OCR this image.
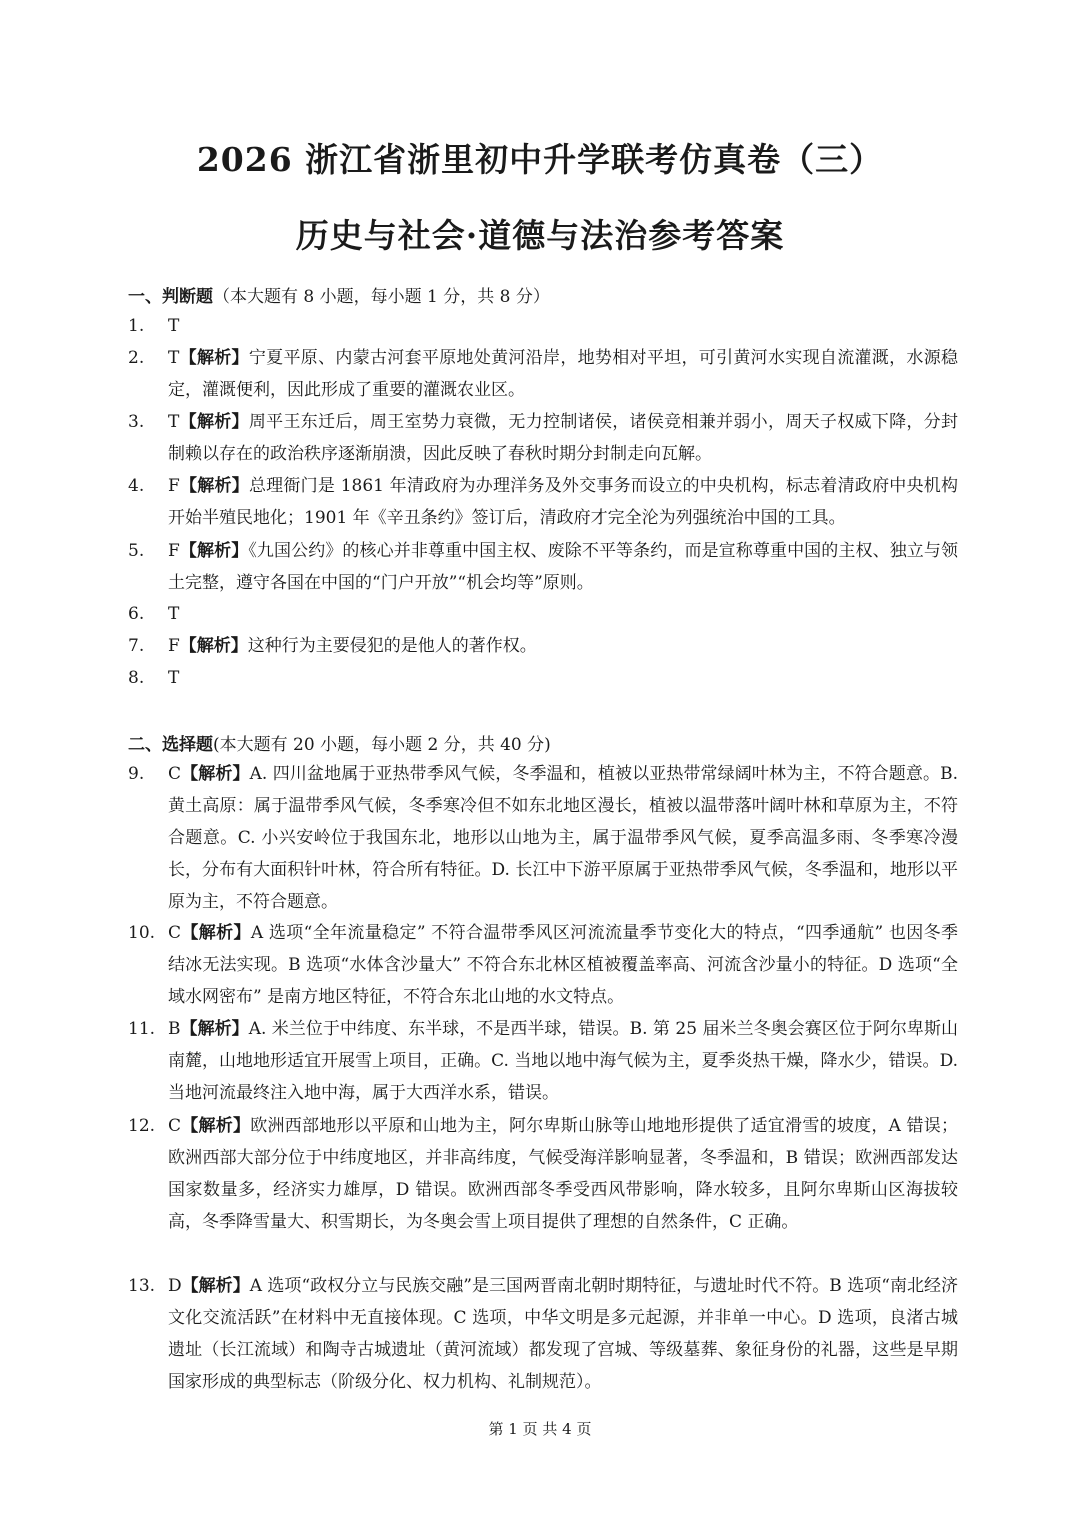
2026 浙江省浙里初中升学联考仿真卷（三）
历史与社会·道德与法治参考答案
一、判断题（本大题有 8 小题，每小题 1 分，共 8 分）
1. T
2. T【解析】宁夏平原、内蒙古河套平原地处黄河沿岸，地势相对平坦，可引黄河水实现自流灌溉，水源稳定，灌溉便利，因此形成了重要的灌溉农业区。
3. T【解析】周平王东迁后，周王室势力衰微，无力控制诸侯，诸侯竞相兼并弱小，周天子权威下降，分封制赖以存在的政治秩序逐渐崩溃，因此反映了春秋时期分封制走向瓦解。
4. F【解析】总理衙门是 1861 年清政府为办理洋务及外交事务而设立的中央机构，标志着清政府中央机构开始半殖民地化；1901 年《辛丑条约》签订后，清政府才完全沦为列强统治中国的工具。
5. F【解析】《九国公约》的核心并非尊重中国主权、废除不平等条约，而是宣称尊重中国的主权、独立与领土完整，遵守各国在中国的“门户开放”“机会均等”原则。
6. T
7. F【解析】这种行为主要侵犯的是他人的著作权。
8. T
二、选择题(本大题有 20 小题，每小题 2 分，共 40 分)
9. C【解析】A. 四川盆地属于亚热带季风气候，冬季温和，植被以亚热带常绿阔叶林为主，不符合题意。B. 黄土高原：属于温带季风气候，冬季寒冷但不如东北地区漫长，植被以温带落叶阔叶林和草原为主，不符合题意。C. 小兴安岭位于我国东北，地形以山地为主，属于温带季风气候，夏季高温多雨、冬季寒冷漫长，分布有大面积针叶林，符合所有特征。D. 长江中下游平原属于亚热带季风气候，冬季温和，地形以平原为主，不符合题意。
10. C【解析】A 选项“全年流量稳定” 不符合温带季风区河流流量季节变化大的特点，“四季通航” 也因冬季结冰无法实现。B 选项“水体含沙量大” 不符合东北林区植被覆盖率高、河流含沙量小的特征。D 选项“全域水网密布” 是南方地区特征，不符合东北山地的水文特点。
11. B【解析】A. 米兰位于中纬度、东半球，不是西半球，错误。B. 第 25 届米兰冬奥会赛区位于阿尔卑斯山南麓，山地地形适宜开展雪上项目，正确。C. 当地以地中海气候为主，夏季炎热干燥，降水少，错误。D. 当地河流最终注入地中海，属于大西洋水系，错误。
12. C【解析】欧洲西部地形以平原和山地为主，阿尔卑斯山脉等山地地形提供了适宜滑雪的坡度，A 错误；欧洲西部大部分位于中纬度地区，并非高纬度，气候受海洋影响显著，冬季温和，B 错误；欧洲西部发达国家数量多，经济实力雄厚，D 错误。欧洲西部冬季受西风带影响，降水较多，且阿尔卑斯山区海拔较高，冬季降雪量大、积雪期长，为冬奥会雪上项目提供了理想的自然条件，C 正确。
13. D【解析】A 选项“政权分立与民族交融”是三国两晋南北朝时期特征，与遗址时代不符。B 选项“南北经济文化交流活跃”在材料中无直接体现。C 选项，中华文明是多元起源，并非单一中心。D 选项，良渚古城遗址（长江流域）和陶寺古城遗址（黄河流域）都发现了宫城、等级墓葬、象征身份的礼器，这些是早期国家形成的典型标志（阶级分化、权力机构、礼制规范）。
第 1 页 共 4 页
